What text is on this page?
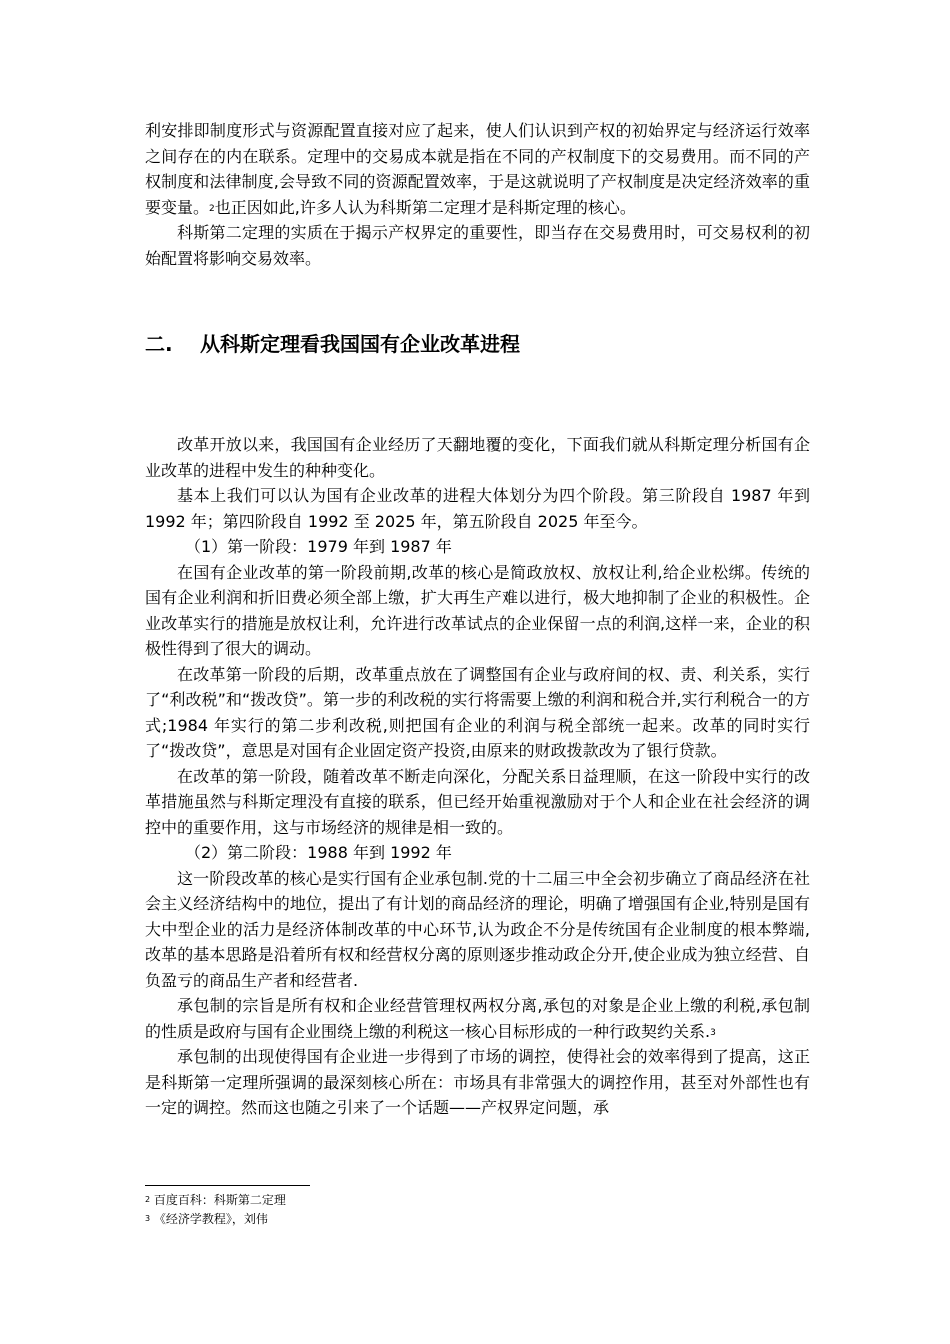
利安排即制度形式与资源配置直接对应了起来，使人们认识到产权的初始界定与经济运行效率之间存在的内在联系。定理中的交易成本就是指在不同的产权制度下的交易费用。而不同的产权制度和法律制度,会导致不同的资源配置效率，于是这就说明了产权制度是决定经济效率的重要变量。$^2$也正因如此,许多人认为科斯第二定理才是科斯定理的核心。

科斯第二定理的实质在于揭示产权界定的重要性，即当存在交易费用时，可交易权利的初始配置将影响交易效率。

二. 从科斯定理看我国国有企业改革进程

改革开放以来，我国国有企业经历了天翻地覆的变化，下面我们就从科斯定理分析国有企业改革的进程中发生的种种变化。

基本上我们可以认为国有企业改革的进程大体划分为四个阶段。第三阶段自 1987 年到 1992 年；第四阶段自 1992 至 2025 年，第五阶段自 2025 年至今。

（1）第一阶段：1979 年到 1987 年

在国有企业改革的第一阶段前期,改革的核心是简政放权、放权让利,给企业松绑。传统的国有企业利润和折旧费必须全部上缴，扩大再生产难以进行，极大地抑制了企业的积极性。企业改革实行的措施是放权让利，允许进行改革试点的企业保留一点的利润,这样一来，企业的积极性得到了很大的调动。

在改革第一阶段的后期，改革重点放在了调整国有企业与政府间的权、责、利关系，实行了“利改税”和“拨改贷”。第一步的利改税的实行将需要上缴的利润和税合并,实行利税合一的方式;1984 年实行的第二步利改税,则把国有企业的利润与税全部统一起来。改革的同时实行了“拨改贷”，意思是对国有企业固定资产投资,由原来的财政拨款改为了银行贷款。

在改革的第一阶段，随着改革不断走向深化，分配关系日益理顺，在这一阶段中实行的改革措施虽然与科斯定理没有直接的联系，但已经开始重视激励对于个人和企业在社会经济的调控中的重要作用，这与市场经济的规律是相一致的。

（2）第二阶段：1988 年到 1992 年

这一阶段改革的核心是实行国有企业承包制.党的十二届三中全会初步确立了商品经济在社会主义经济结构中的地位，提出了有计划的商品经济的理论，明确了增强国有企业,特别是国有大中型企业的活力是经济体制改革的中心环节,认为政企不分是传统国有企业制度的根本弊端,改革的基本思路是沿着所有权和经营权分离的原则逐步推动政企分开,使企业成为独立经营、自负盈亏的商品生产者和经营者.

承包制的宗旨是所有权和企业经营管理权两权分离,承包的对象是企业上缴的利税,承包制的性质是政府与国有企业围绕上缴的利税这一核心目标形成的一种行政契约关系.$^3$

承包制的出现使得国有企业进一步得到了市场的调控，使得社会的效率得到了提高，这正是科斯第一定理所强调的最深刻核心所在：市场具有非常强大的调控作用，甚至对外部性也有一定的调控。然而这也随之引来了一个话题——产权界定问题，承

$^2$ 百度百科：科斯第二定理
$^3$ 《经济学教程》，刘伟
